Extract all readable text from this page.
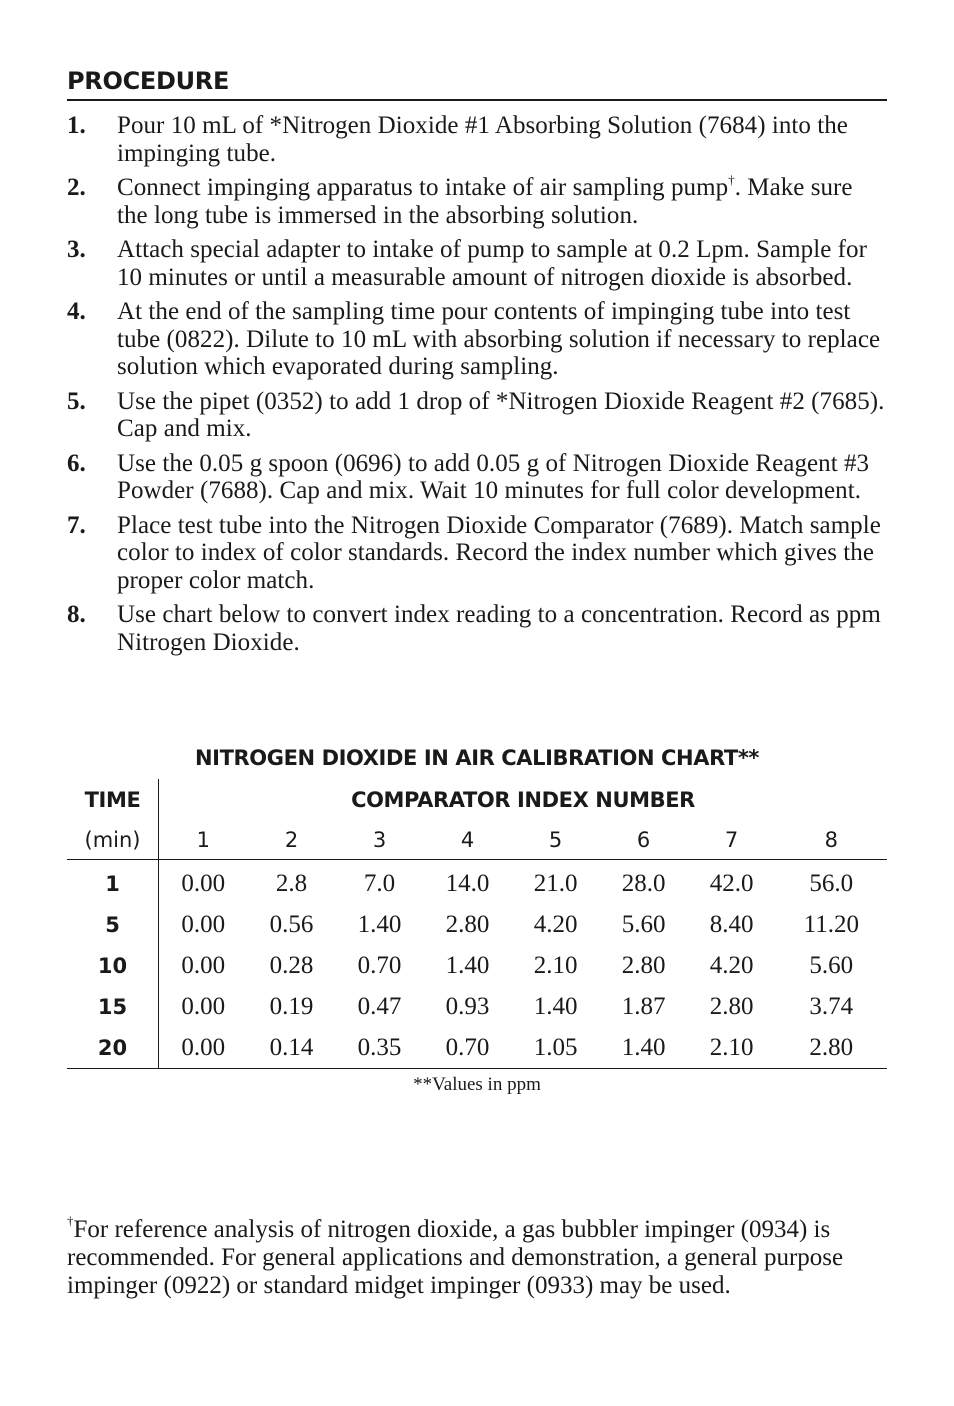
PROCEDURE
1. Pour 10 mL of *Nitrogen Dioxide #1 Absorbing Solution (7684) into the impinging tube.
2. Connect impinging apparatus to intake of air sampling pump†. Make sure the long tube is immersed in the absorbing solution.
3. Attach special adapter to intake of pump to sample at 0.2 Lpm. Sample for 10 minutes or until a measurable amount of nitrogen dioxide is absorbed.
4. At the end of the sampling time pour contents of impinging tube into test tube (0822). Dilute to 10 mL with absorbing solution if necessary to replace solution which evaporated during sampling.
5. Use the pipet (0352) to add 1 drop of *Nitrogen Dioxide Reagent #2 (7685). Cap and mix.
6. Use the 0.05 g spoon (0696) to add 0.05 g of Nitrogen Dioxide Reagent #3 Powder (7688). Cap and mix. Wait 10 minutes for full color development.
7. Place test tube into the Nitrogen Dioxide Comparator (7689). Match sample color to index of color standards. Record the index number which gives the proper color match.
8. Use chart below to convert index reading to a concentration. Record as ppm Nitrogen Dioxide.
NITROGEN DIOXIDE IN AIR CALIBRATION CHART**
TIME	COMPARATOR INDEX NUMBER							
(min)	1	2	3	4	5	6	7	8
1	0.00	2.8	7.0	14.0	21.0	28.0	42.0	56.0
5	0.00	0.56	1.40	2.80	4.20	5.60	8.40	11.20
10	0.00	0.28	0.70	1.40	2.10	2.80	4.20	5.60
15	0.00	0.19	0.47	0.93	1.40	1.87	2.80	3.74
20	0.00	0.14	0.35	0.70	1.05	1.40	2.10	2.80
**Values in ppm
†For reference analysis of nitrogen dioxide, a gas bubbler impinger (0934) is recommended. For general applications and demonstration, a general purpose impinger (0922) or standard midget impinger (0933) may be used.
